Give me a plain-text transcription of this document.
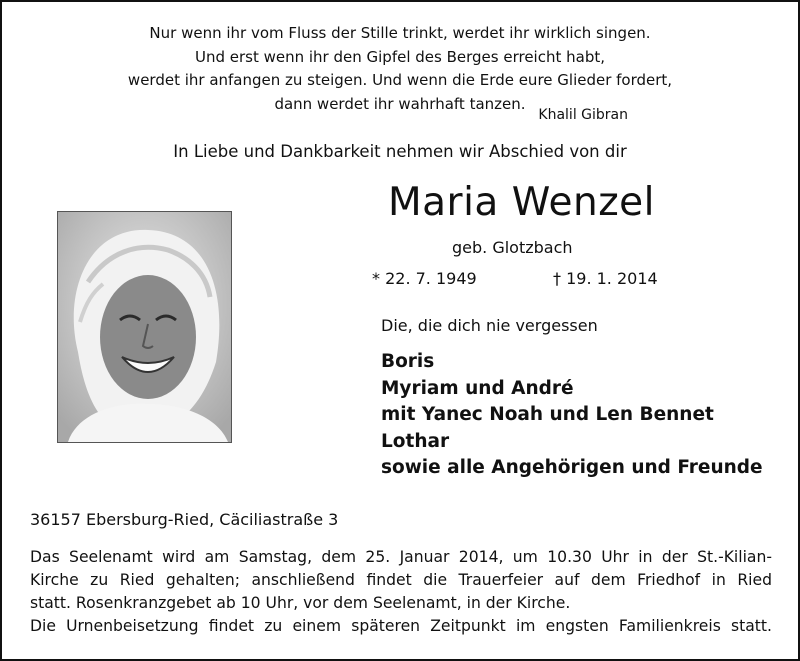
Nur wenn ihr vom Fluss der Stille trinkt, werdet ihr wirklich singen.
Und erst wenn ihr den Gipfel des Berges erreicht habt,
werdet ihr anfangen zu steigen. Und wenn die Erde eure Glieder fordert,
dann werdet ihr wahrhaft tanzen.
Khalil Gibran
In Liebe und Dankbarkeit nehmen wir Abschied von dir
Maria Wenzel
geb. Glotzbach
* 22. 7. 1949	† 19. 1. 2014
Die, die dich nie vergessen
Boris
Myriam und André
mit Yanec Noah und Len Bennet
Lothar
sowie alle Angehörigen und Freunde
36157 Ebersburg-Ried, Cäciliastraße 3
Das Seelenamt wird am Samstag, dem 25. Januar 2014, um 10.30 Uhr in der St.-Kilian-
Kirche zu Ried gehalten; anschließend findet die Trauerfeier auf dem Friedhof in Ried
statt. Rosenkranzgebet ab 10 Uhr, vor dem Seelenamt, in der Kirche.
Die Urnenbeisetzung findet zu einem späteren Zeitpunkt im engsten Familienkreis statt.
